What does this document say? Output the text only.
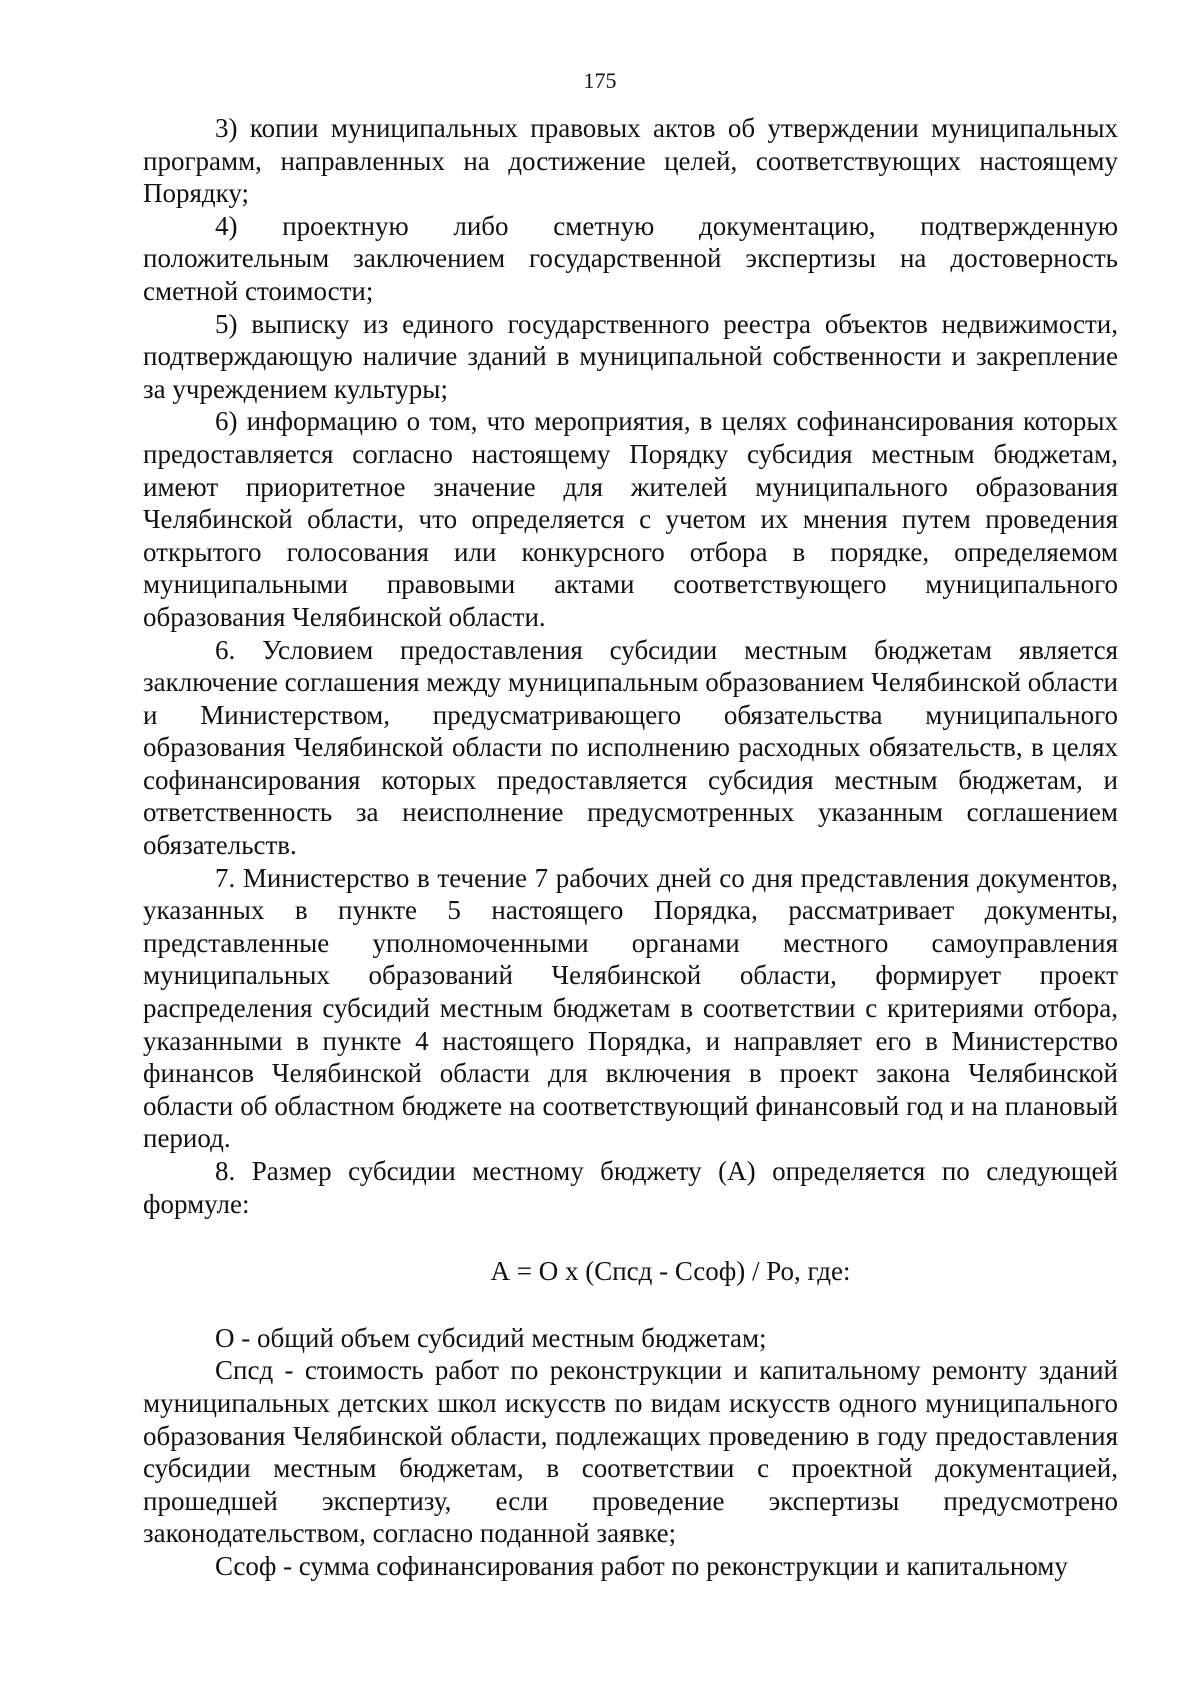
175

3) копии муниципальных правовых актов об утверждении муниципальных программ, направленных на достижение целей, соответствующих настоящему Порядку;

4) проектную либо сметную документацию, подтвержденную положительным заключением государственной экспертизы на достоверность сметной стоимости;

5) выписку из единого государственного реестра объектов недвижимости, подтверждающую наличие зданий в муниципальной собственности и закрепление за учреждением культуры;

6) информацию о том, что мероприятия, в целях софинансирования которых предоставляется согласно настоящему Порядку субсидия местным бюджетам, имеют приоритетное значение для жителей муниципального образования Челябинской области, что определяется с учетом их мнения путем проведения открытого голосования или конкурсного отбора в порядке, определяемом муниципальными правовыми актами соответствующего муниципального образования Челябинской области.

6. Условием предоставления субсидии местным бюджетам является заключение соглашения между муниципальным образованием Челябинской области и Министерством, предусматривающего обязательства муниципального образования Челябинской области по исполнению расходных обязательств, в целях софинансирования которых предоставляется субсидия местным бюджетам, и ответственность за неисполнение предусмотренных указанным соглашением обязательств.

7. Министерство в течение 7 рабочих дней со дня представления документов, указанных в пункте 5 настоящего Порядка, рассматривает документы, представленные уполномоченными органами местного самоуправления муниципальных образований Челябинской области, формирует проект распределения субсидий местным бюджетам в соответствии с критериями отбора, указанными в пункте 4 настоящего Порядка, и направляет его в Министерство финансов Челябинской области для включения в проект закона Челябинской области об областном бюджете на соответствующий финансовый год и на плановый период.

8. Размер субсидии местному бюджету (А) определяется по следующей формуле:

А = О х (Спсд - Ссоф) / Ро, где:

О - общий объем субсидий местным бюджетам;

Спсд - стоимость работ по реконструкции и капитальному ремонту зданий муниципальных детских школ искусств по видам искусств одного муниципального образования Челябинской области, подлежащих проведению в году предоставления субсидии местным бюджетам, в соответствии с проектной документацией, прошедшей экспертизу, если проведение экспертизы предусмотрено законодательством, согласно поданной заявке;

Ссоф - сумма софинансирования работ по реконструкции и капитальному
